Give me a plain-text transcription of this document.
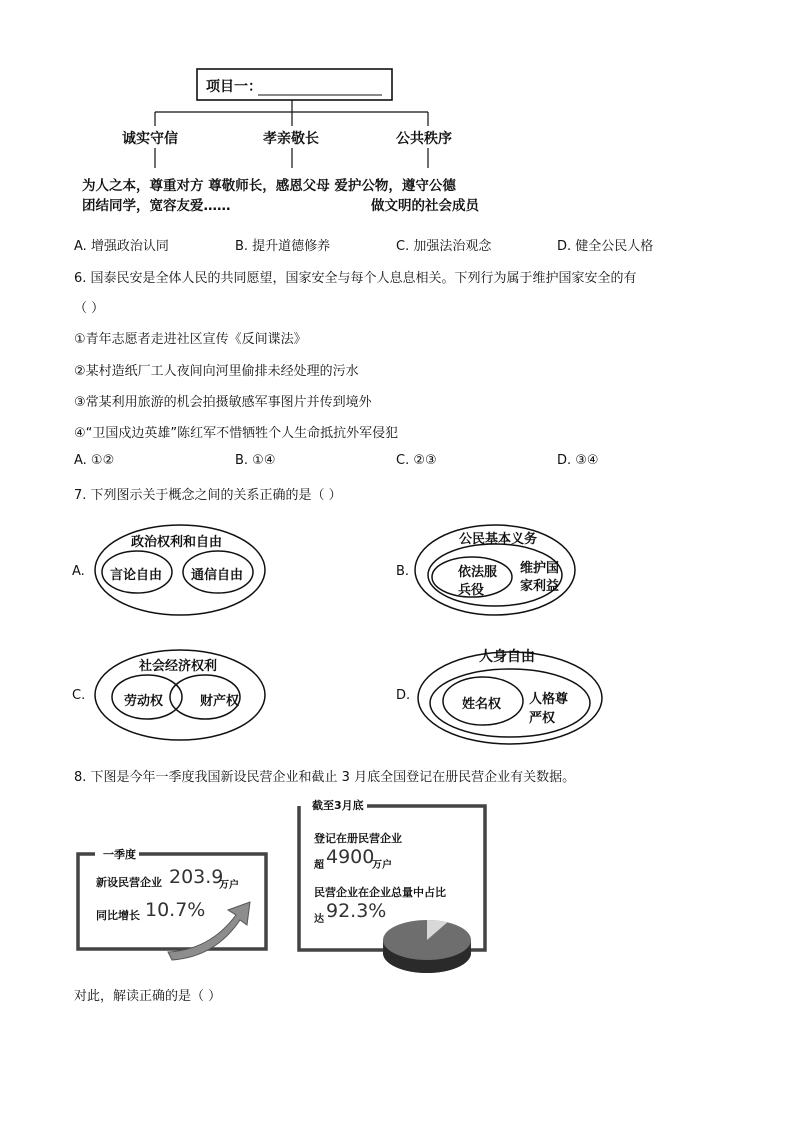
项目一：
诚实守信	孝亲敬长	公共秩序
为人之本，尊重对方 尊敬师长，感恩父母 爱护公物，遵守公德
团结同学，宽容友爱……	做文明的社会成员
A. 增强政治认同	B. 提升道德修养	C. 加强法治观念	D. 健全公民人格
6. 国泰民安是全体人民的共同愿望，国家安全与每个人息息相关。下列行为属于维护国家安全的有
（ ）
①青年志愿者走进社区宣传《反间谍法》
②某村造纸厂工人夜间向河里偷排未经处理的污水
③常某利用旅游的机会拍摄敏感军事图片并传到境外
④“卫国戍边英雄”陈红军不惜牺牲个人生命抵抗外军侵犯
A. ①②	B. ①④	C. ②③	D. ③④
7. 下列图示关于概念之间的关系正确的是（ ）
A.
政治权利和自由
言论自由 通信自由	B.
公民基本义务
依法服
兵役
维护国
家利益
C.
社会经济权利
劳动权	财产权	D.
人身自由
姓名权 人格尊
严权
8. 下图是今年一季度我国新设民营企业和截止 3 月底全国登记在册民营企业有关数据。
一季度
新设民营企业 203.9
万户
同比增长 10.7%
截至3月底
登记在册民营企业
超 4900
万户
民营企业在企业总量中占比
达 92.3%
对此，解读正确的是（ ）
